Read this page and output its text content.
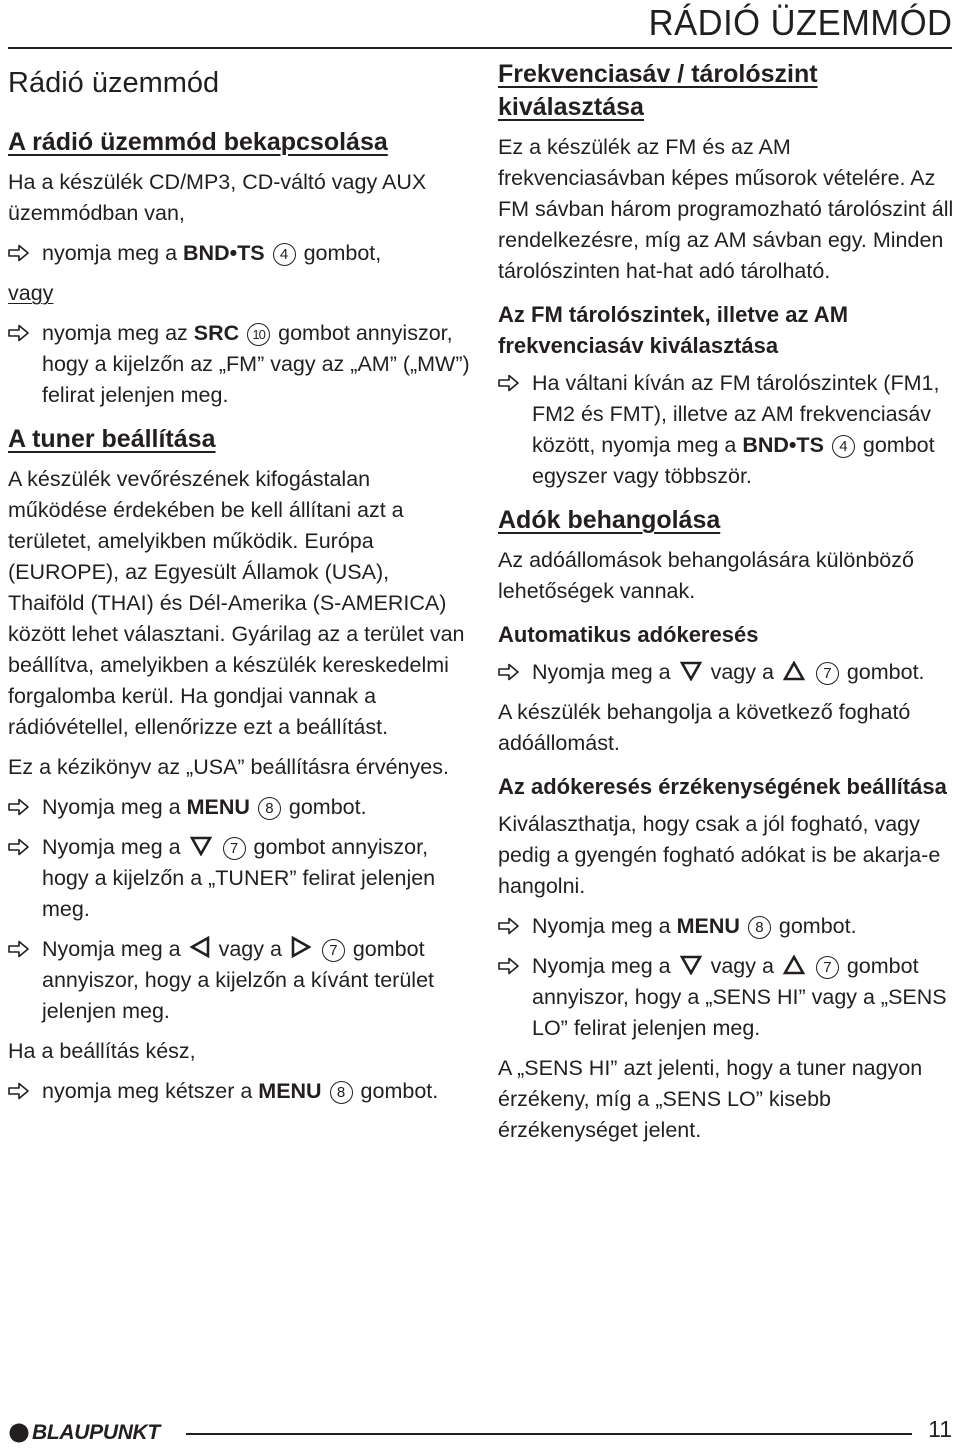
RÁDIÓ ÜZEMMÓD
Rádió üzemmód
A rádió üzemmód bekapcsolása
Ha a készülék CD/MP3, CD-váltó vagy AUX üzemmódban van,
nyomja meg a BND•TS 4 gombot,
vagy
nyomja meg az SRC 10 gombot annyiszor, hogy a kijelzőn az „FM” vagy az „AM” („MW”) felirat jelenjen meg.
A tuner beállítása
A készülék vevőrészének kifogástalan működése érdekében be kell állítani azt a területet, amelyikben működik. Európa (EUROPE), az Egyesült Államok (USA), Thaiföld (THAI) és Dél-Amerika (S-AMERICA) között lehet választani. Gyárilag az a terület van beállítva, amelyikben a készülék kereskedelmi forgalomba kerül. Ha gondjai vannak a rádióvétellel, ellenőrizze ezt a beállítást.
Ez a kézikönyv az „USA” beállításra érvényes.
Nyomja meg a MENU 8 gombot.
Nyomja meg a	7 gombot annyiszor, hogy a kijelzőn a „TUNER” felirat jelenjen meg.
Nyomja meg a  vagy a	7 gombot annyiszor, hogy a kijelzőn a kívánt terület jelenjen meg.
Ha a beállítás kész,
nyomja meg kétszer a MENU 8 gombot.
Frekvenciasáv / tárolószint kiválasztása
Ez a készülék az FM és az AM frekvenciasávban képes műsorok vételére. Az FM sávban három programozható tárolószint áll rendelkezésre, míg az AM sávban egy. Minden tárolószinten hat-hat adó tárolható.
Az FM tárolószintek, illetve az AM frekvenciasáv kiválasztása
Ha váltani kíván az FM tárolószintek (FM1, FM2 és FMT), illetve az AM frekvenciasáv között, nyomja meg a BND•TS 4 gombot egyszer vagy többször.
Adók behangolása
Az adóállomások behangolására különböző lehetőségek vannak.
Automatikus adókeresés
Nyomja meg a  vagy a	7 gombot.
A készülék behangolja a következő fogható adóállomást.
Az adókeresés érzékenységének beállítása
Kiválaszthatja, hogy csak a jól fogható, vagy pedig a gyengén fogható adókat is be akarja-e hangolni.
Nyomja meg a MENU 8 gombot.
Nyomja meg a  vagy a	7 gombot annyiszor, hogy a „SENS HI” vagy a „SENS LO” felirat jelenjen meg.
A „SENS HI” azt jelenti, hogy a tuner nagyon érzékeny, míg a „SENS LO” kisebb érzékenységet jelent.
BLAUPUNKT	11
